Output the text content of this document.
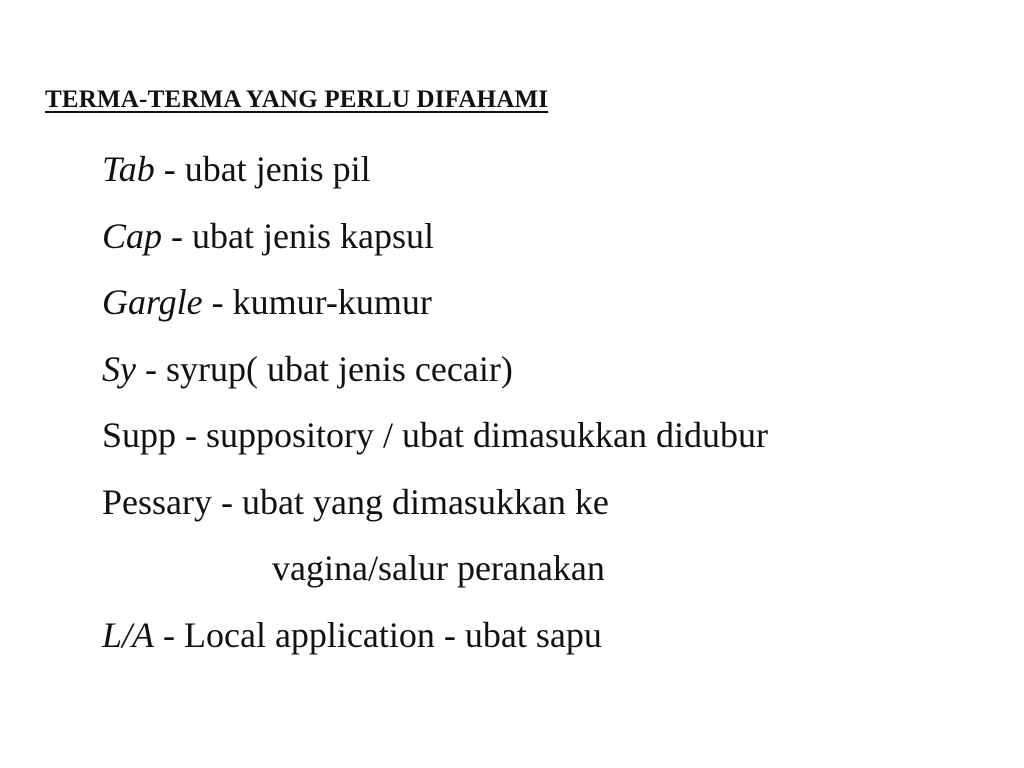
TERMA-TERMA YANG PERLU DIFAHAMI
Tab - ubat jenis pil
Cap - ubat jenis kapsul
Gargle - kumur-kumur
Sy - syrup( ubat jenis cecair)
Supp - suppository / ubat dimasukkan didubur
Pessary - ubat yang dimasukkan ke
vagina/salur peranakan
L/A - Local application - ubat sapu
